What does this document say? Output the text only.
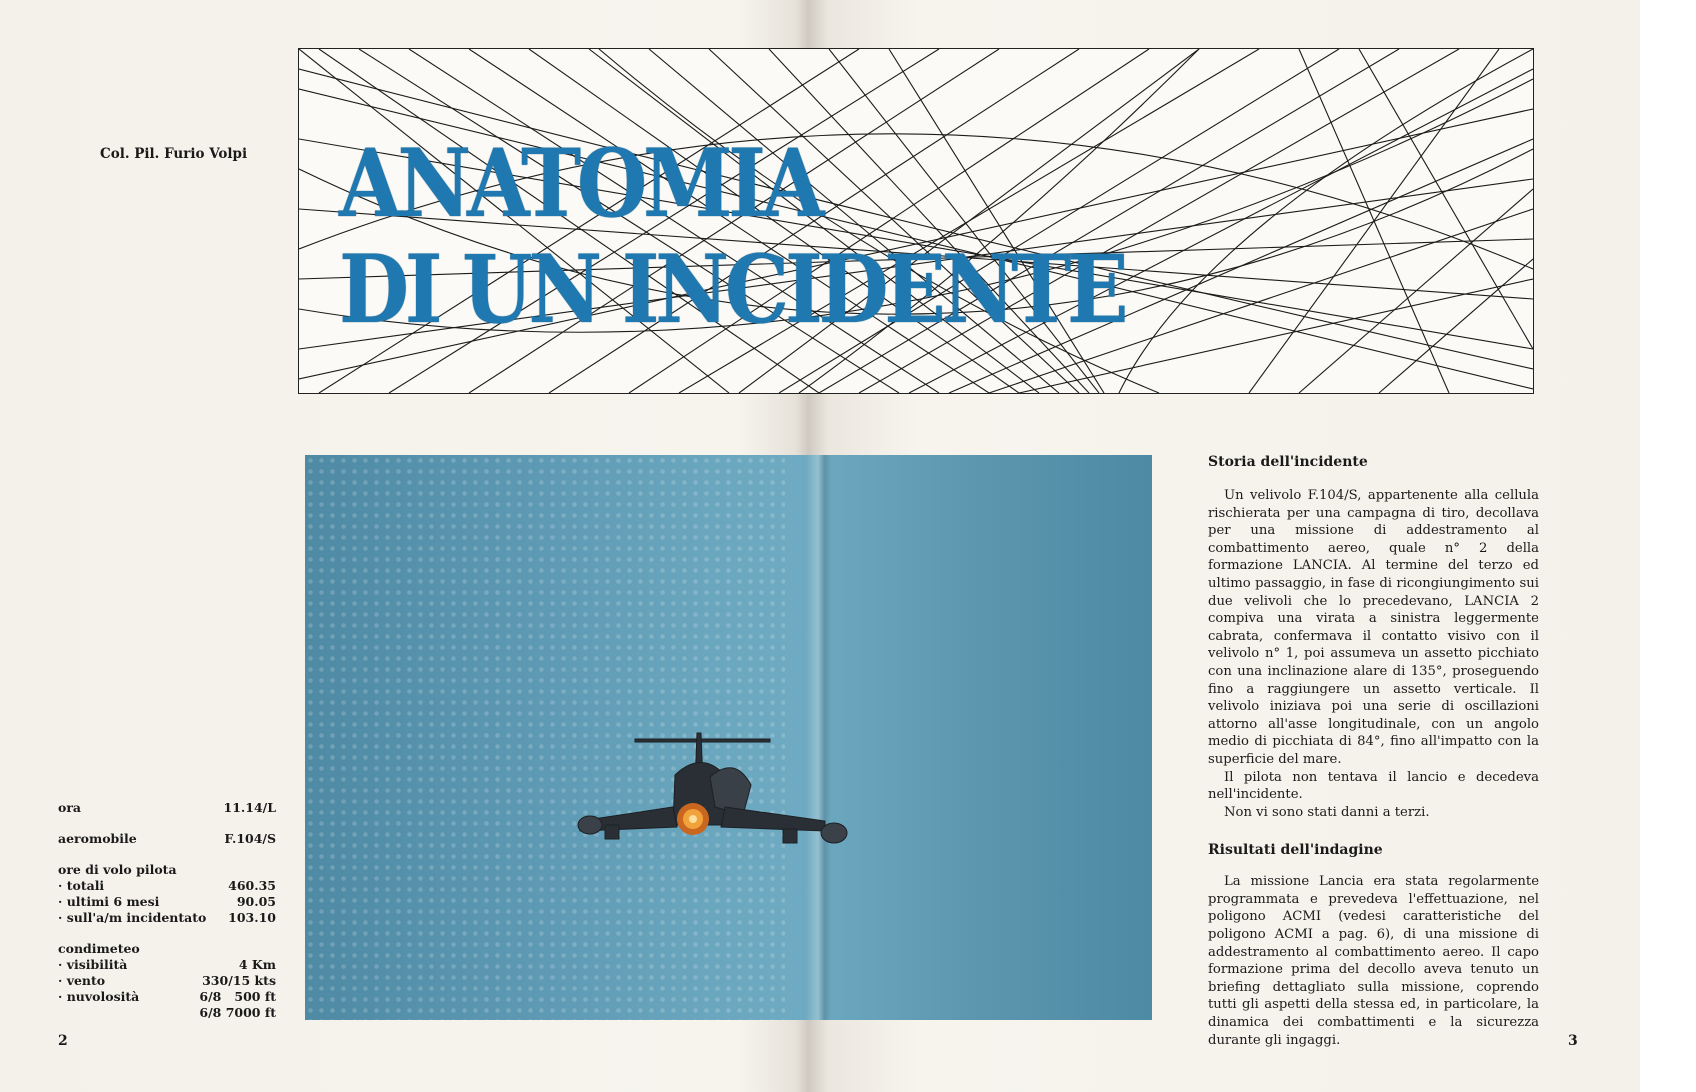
Col. Pil. Furio Volpi ANATOMIA
DI UN INCIDENTE
ora	11.14/L
aeromobile	F.104/S
ore di volo pilota
· totali	460.35
· ultimi 6 mesi	90.05
· sull'a/m incidentato 103.10
condimeteo
· visibilità	4 Km
· vento	330/15 kts
· nuvolosità	6/8   500 ft
6/8 7000 ft
2	3
Storia dell'incidente

Un velivolo F.104/S, appartenente alla cellula rischierata per una campagna di tiro, decollava per una missione di addestramento al combattimento aereo, quale n° 2 della formazione LANCIA. Al termine del terzo ed ultimo passaggio, in fase di ricongiungimento sui due velivoli che lo precedevano, LANCIA 2 compiva una virata a sinistra leggermente cabrata, confermava il contatto visivo con il velivolo n° 1, poi assumeva un assetto picchiato con una inclinazione alare di 135°, proseguendo fino a raggiungere un assetto verticale. Il velivolo iniziava poi una serie di oscillazioni attorno all'asse longitudinale, con un angolo medio di picchiata di 84°, fino all'impatto con la superficie del mare.

Il pilota non tentava il lancio e decedeva nell'incidente.

Non vi sono stati danni a terzi.

Risultati dell'indagine

La missione Lancia era stata regolarmente programmata e prevedeva l'effettuazione, nel poligono ACMI (vedesi caratteristiche del poligono ACMI a pag. 6), di una missione di addestramento al combattimento aereo. Il capo formazione prima del decollo aveva tenuto un briefing dettagliato sulla missione, coprendo tutti gli aspetti della stessa ed, in particolare, la dinamica dei combattimenti e la sicurezza durante gli ingaggi.
